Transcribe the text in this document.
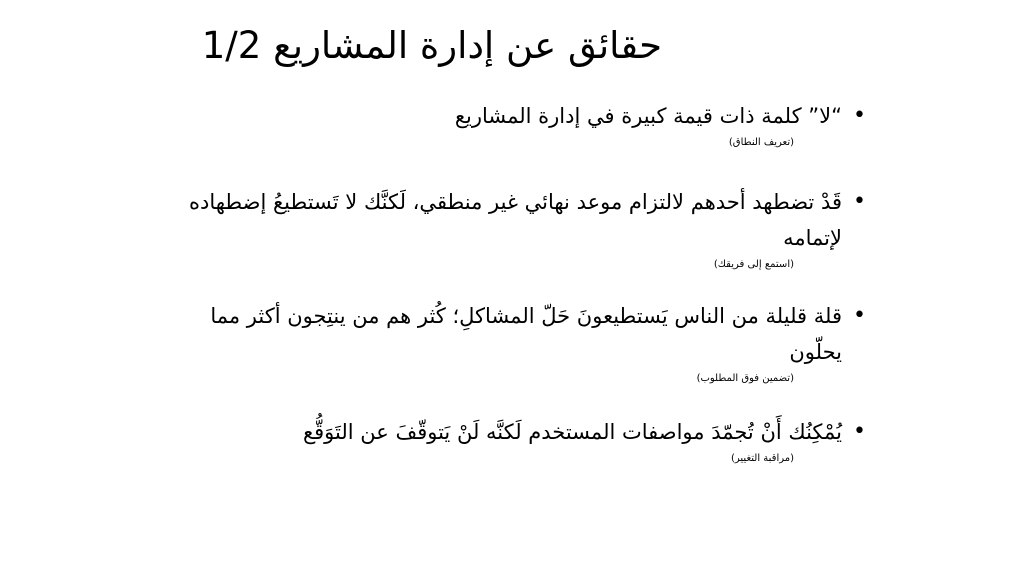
حقائق عن إدارة المشاريع 1/2
•

“لا” كلمة ذات قيمة كبيرة في إدارة المشاريع

(تعريف النطاق)

•

قَدْ تضطهد أحدهم لالتزام موعد نهائي غير منطقي، لَكنَّك لا تَستطيعُ إضطهاده لإتمامه

(استمع إلى فريقك)

•

قلة قليلة من الناس يَستطيعونَ حَلّ المشاكلِ؛ كُثر هم من ينتِجون أكثر مما يحلّون

(تضمين فوق المطلوب)

•

يُمْكِنُك أَنْ تُجمّدَ مواصفات المستخدم لَكنَّه لَنْ يَتوقّفَ عن التَوَقُّع

(مراقبة التغيير)
